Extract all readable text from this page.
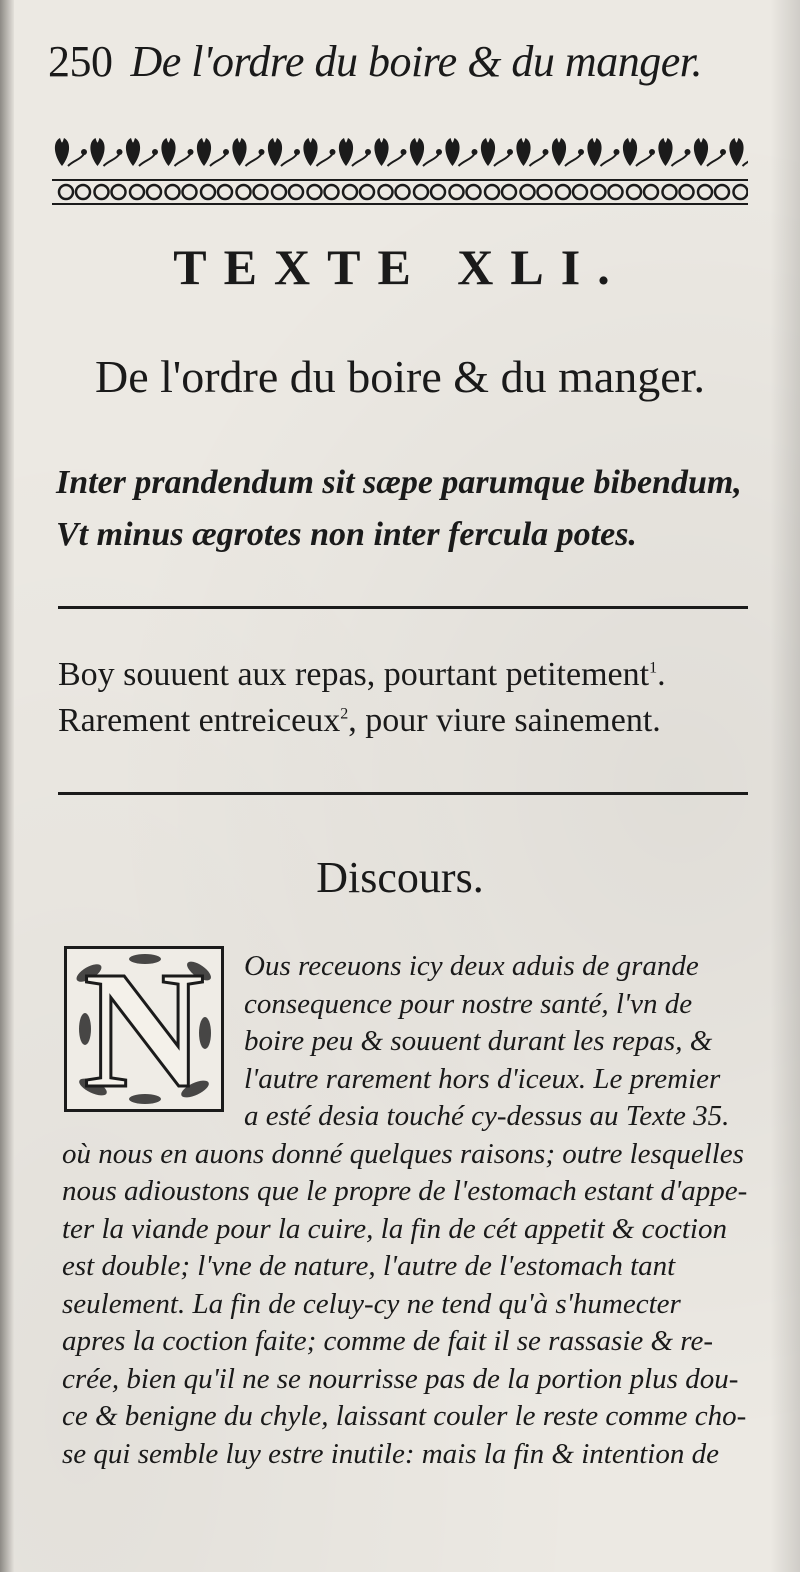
250 De l'ordre du boire & du manger.
TEXTE XLI.
De l'ordre du boire & du manger.
Inter prandendum sit sæpe parumque bibendum,
Vt minus ægrotes non inter fercula potes.
Boy souuent aux repas, pourtant petitement$^1$.
Rarement entreiceux$^2$, pour viure sainement.
Discours.
N	Ous receuons icy deux aduis de grande
consequence pour nostre santé, l'vn de
boire peu & souuent durant les repas, &
l'autre rarement hors d'iceux. Le premier
a esté desia touché cy-dessus au Texte 35.
où nous en auons donné quelques raisons; outre lesquelles
nous adioustons que le propre de l'estomach estant d'appe-
ter la viande pour la cuire, la fin de cét appetit & coction
est double; l'vne de nature, l'autre de l'estomach tant
seulement. La fin de celuy-cy ne tend qu'à s'humecter
apres la coction faite; comme de fait il se rassasie & re-
crée, bien qu'il ne se nourrisse pas de la portion plus dou-
ce & benigne du chyle, laissant couler le reste comme cho-
se qui semble luy estre inutile: mais la fin & intention de
